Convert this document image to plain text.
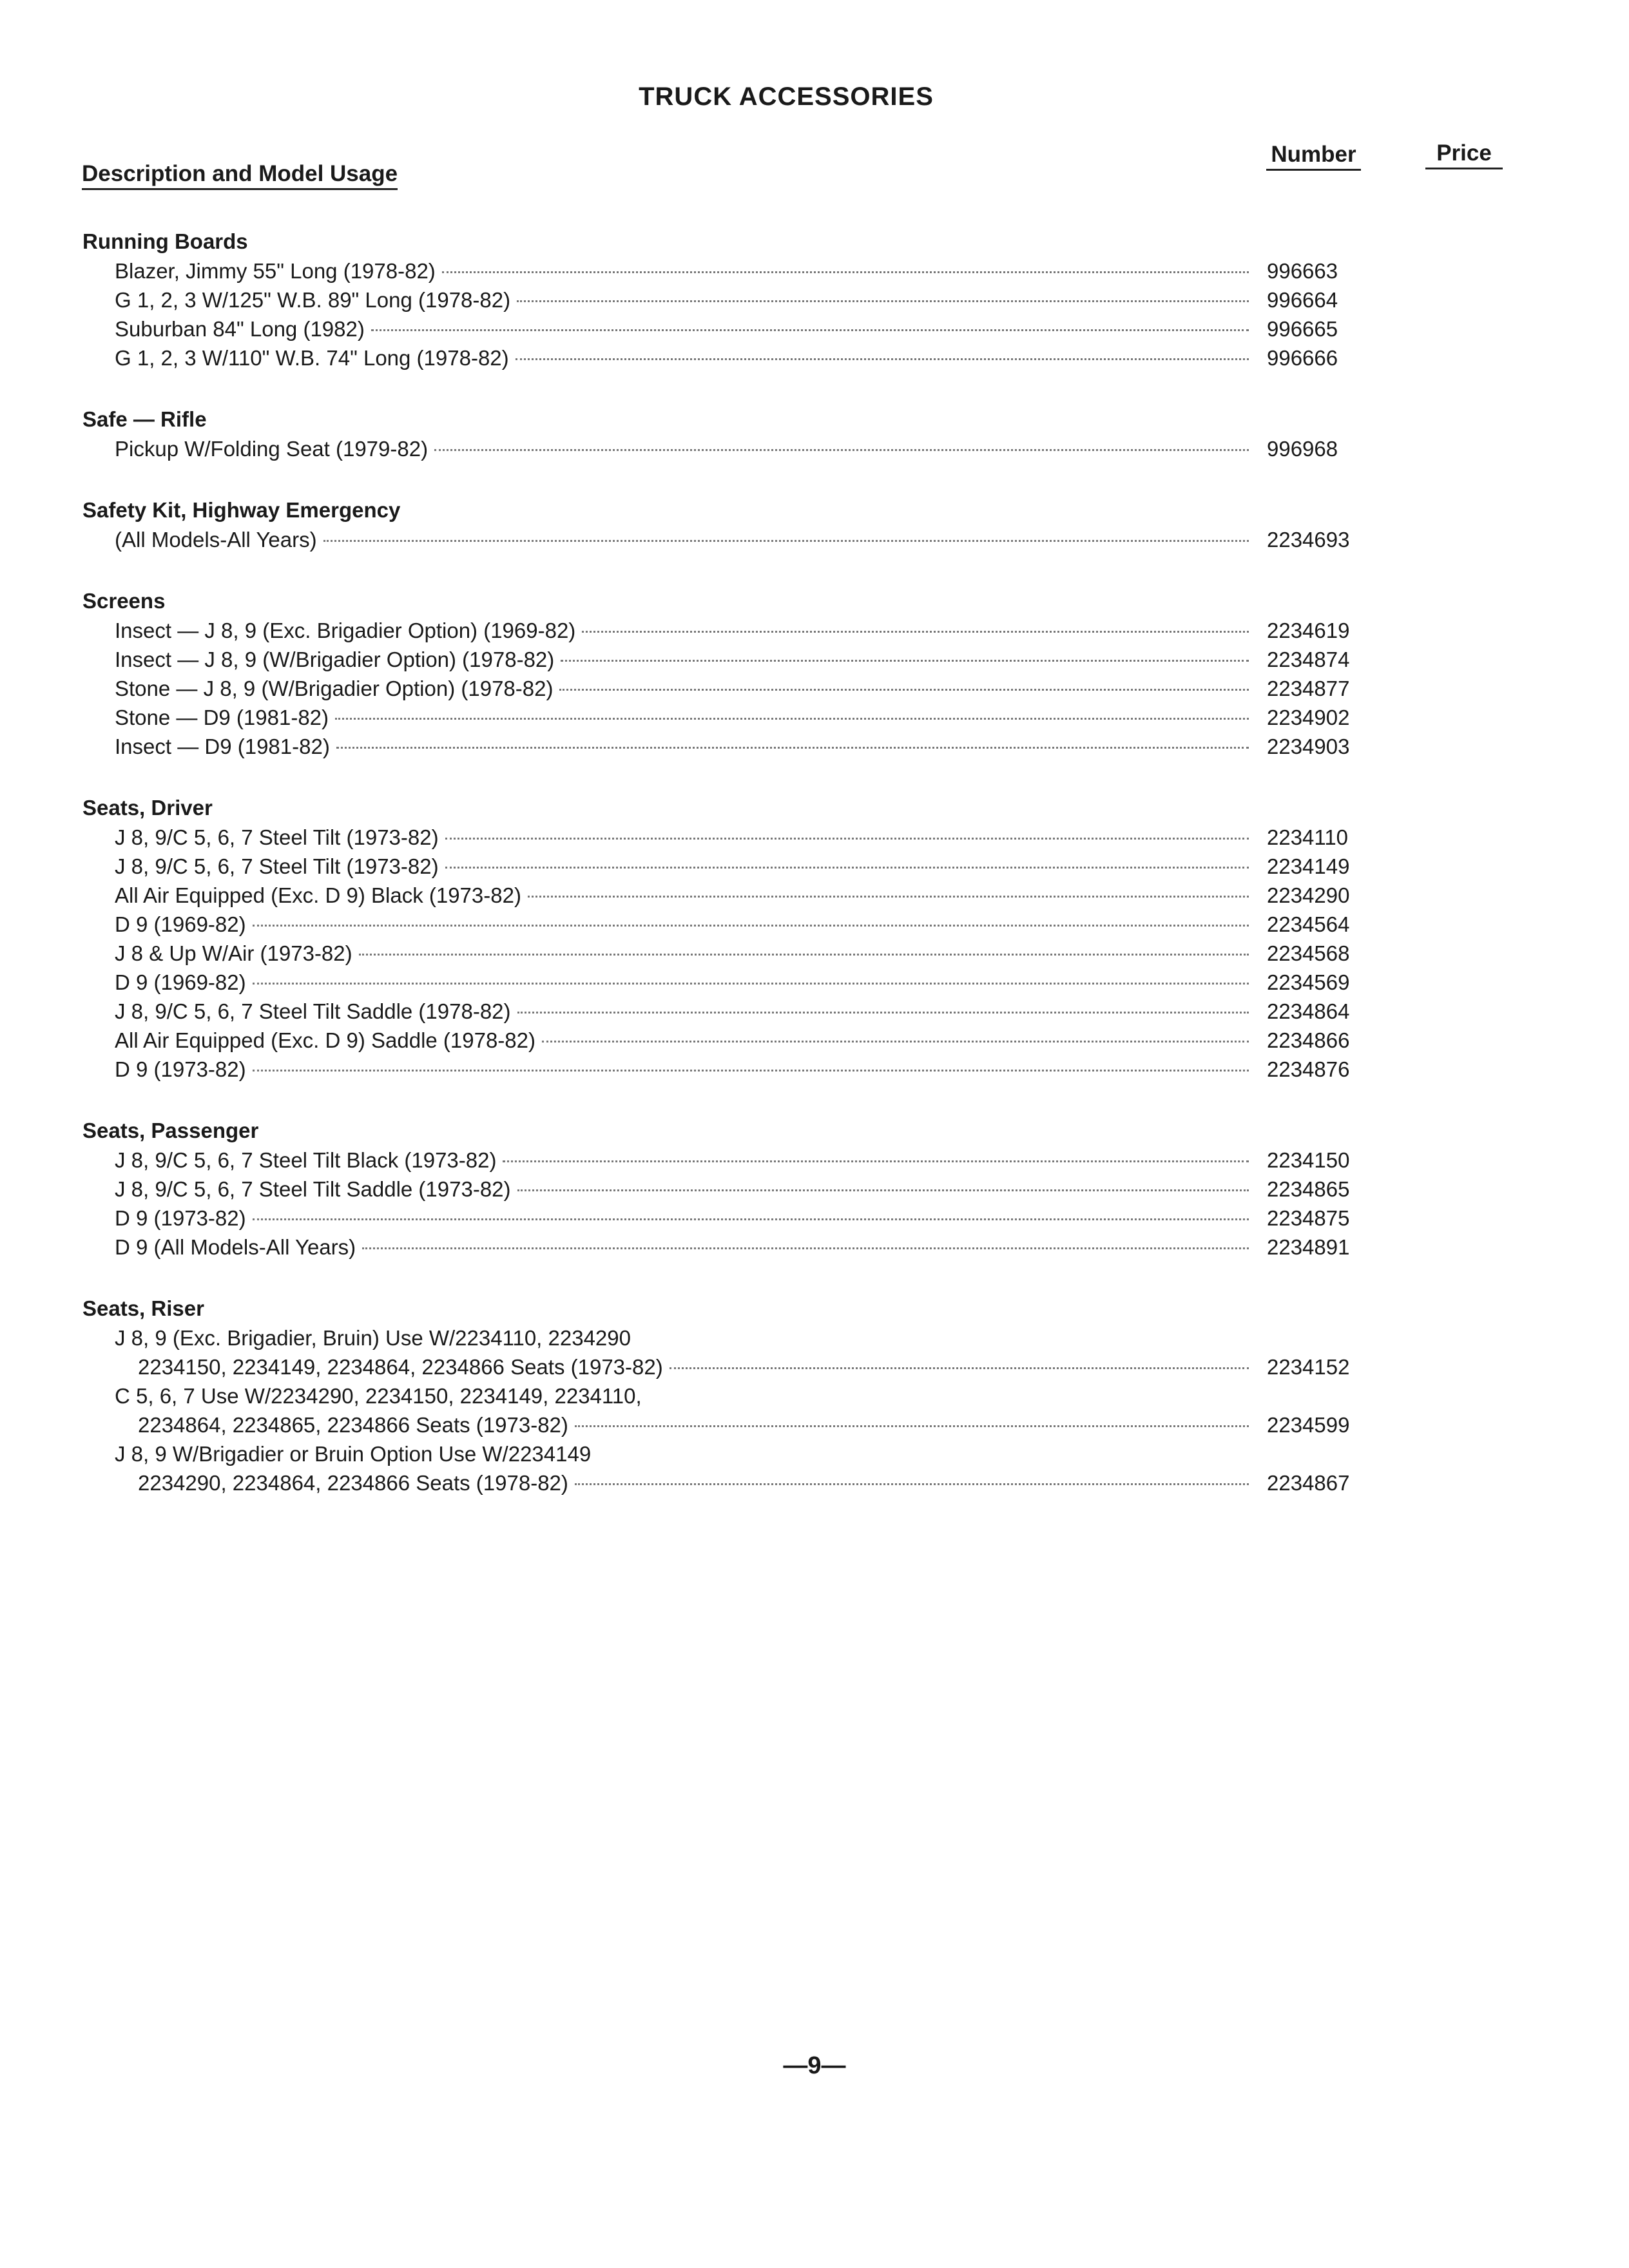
TRUCK ACCESSORIES
Description and Model Usage
Number	Price
Running Boards
Blazer, Jimmy 55" Long (1978-82)	996663
G 1, 2, 3 W/125" W.B. 89" Long (1978-82)	996664
Suburban 84" Long (1982)	996665
G 1, 2, 3 W/110" W.B. 74" Long (1978-82)	996666
Safe — Rifle
Pickup W/Folding Seat (1979-82)	996968
Safety Kit, Highway Emergency
(All Models-All Years)	2234693
Screens
Insect — J 8, 9 (Exc. Brigadier Option) (1969-82)	2234619
Insect — J 8, 9 (W/Brigadier Option) (1978-82)	2234874
Stone — J 8, 9 (W/Brigadier Option) (1978-82)	2234877
Stone — D9 (1981-82)	2234902
Insect — D9 (1981-82)	2234903
Seats, Driver
J 8, 9/C 5, 6, 7 Steel Tilt (1973-82)	2234110
J 8, 9/C 5, 6, 7 Steel Tilt (1973-82)	2234149
All Air Equipped (Exc. D 9) Black (1973-82)	2234290
D 9 (1969-82)	2234564
J 8 & Up W/Air (1973-82)	2234568
D 9 (1969-82)	2234569
J 8, 9/C 5, 6, 7 Steel Tilt Saddle (1978-82)	2234864
All Air Equipped (Exc. D 9) Saddle (1978-82)	2234866
D 9 (1973-82)	2234876
Seats, Passenger
J 8, 9/C 5, 6, 7 Steel Tilt Black (1973-82)	2234150
J 8, 9/C 5, 6, 7 Steel Tilt Saddle (1973-82)	2234865
D 9 (1973-82)	2234875
D 9 (All Models-All Years)	2234891
Seats, Riser
J 8, 9 (Exc. Brigadier, Bruin) Use W/2234110, 2234290
2234150, 2234149, 2234864, 2234866 Seats (1973-82)	2234152
C 5, 6, 7 Use W/2234290, 2234150, 2234149, 2234110,
2234864, 2234865, 2234866 Seats (1973-82)	2234599
J 8, 9 W/Brigadier or Bruin Option Use W/2234149
2234290, 2234864, 2234866 Seats (1978-82)	2234867
—9—
